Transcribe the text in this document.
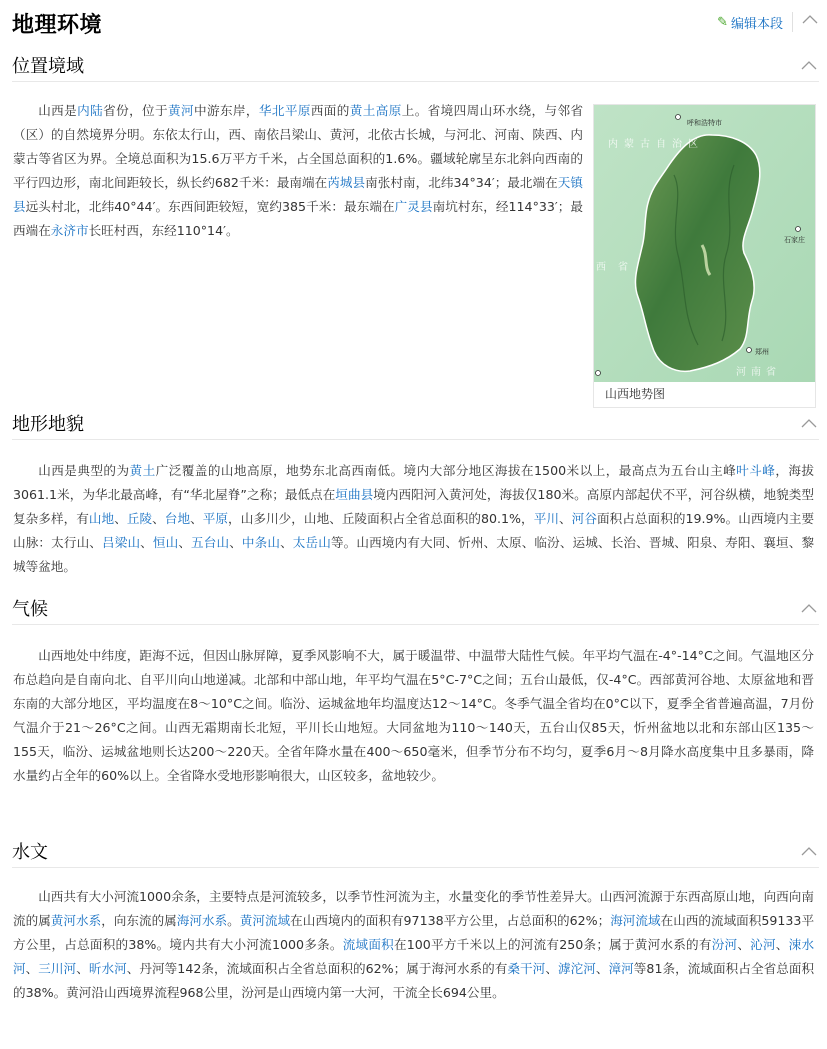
地理环境	✎ 编辑本段
位置境域

山西是内陆省份，位于黄河中游东岸，华北平原西面的黄土高原上。省境四周山环水绕，与邻省（区）的自然境界分明。东依太行山，西、南依吕梁山、黄河，北依古长城，与河北、河南、陕西、内蒙古等省区为界。全境总面积为15.6万平方千米，占全国总面积的1.6%。疆域轮廓呈东北斜向西南的平行四边形，南北间距较长，纵长约682千米：最南端在芮城县南张村南，北纬34°34′；最北端在天镇县远头村北，北纬40°44′。东西间距较短，宽约385千米：最东端在广灵县南坑村东，经114°33′；最西端在永济市长旺村西，东经110°14′。

呼和浩特市
内蒙古自治区
石家庄
西省
郑州
河南省
山西地势图
地形地貌

山西是典型的为黄土广泛覆盖的山地高原，地势东北高西南低。境内大部分地区海拔在1500米以上，最高点为五台山主峰叶斗峰，海拔3061.1米，为华北最高峰，有“华北屋脊”之称；最低点在垣曲县境内西阳河入黄河处，海拔仅180米。高原内部起伏不平，河谷纵横，地貌类型复杂多样，有山地、丘陵、台地、平原，山多川少，山地、丘陵面积占全省总面积的80.1%，平川、河谷面积占总面积的19.9%。山西境内主要山脉：太行山、吕梁山、恒山、五台山、中条山、太岳山等。山西境内有大同、忻州、太原、临汾、运城、长治、晋城、阳泉、寿阳、襄垣、黎城等盆地。

气候

山西地处中纬度，距海不远，但因山脉屏障，夏季风影响不大，属于暖温带、中温带大陆性气候。年平均气温在-4°-14°C之间。气温地区分布总趋向是自南向北、自平川向山地递减。北部和中部山地，年平均气温在5°C-7°C之间；五台山最低，仅-4°C。西部黄河谷地、太原盆地和晋东南的大部分地区，平均温度在8～10°C之间。临汾、运城盆地年均温度达12～14°C。冬季气温全省均在0°C以下，夏季全省普遍高温，7月份气温介于21～26°C之间。山西无霜期南长北短，平川长山地短。大同盆地为110～140天，五台山仅85天，忻州盆地以北和东部山区135～155天，临汾、运城盆地则长达200～220天。全省年降水量在400～650毫米，但季节分布不均匀，夏季6月～8月降水高度集中且多暴雨，降水量约占全年的60%以上。全省降水受地形影响很大，山区较多，盆地较少。

水文

山西共有大小河流1000余条，主要特点是河流较多，以季节性河流为主，水量变化的季节性差异大。山西河流源于东西高原山地，向西向南流的属黄河水系，向东流的属海河水系。黄河流域在山西境内的面积有97138平方公里，占总面积的62%；海河流域在山西的流域面积59133平方公里，占总面积的38%。境内共有大小河流1000多条。流域面积在100平方千米以上的河流有250条；属于黄河水系的有汾河、沁河、涑水河、三川河、昕水河、丹河等142条，流域面积占全省总面积的62%；属于海河水系的有桑干河、滹沱河、漳河等81条，流域面积占全省总面积的38%。黄河沿山西境界流程968公里，汾河是山西境内第一大河，干流全长694公里。
